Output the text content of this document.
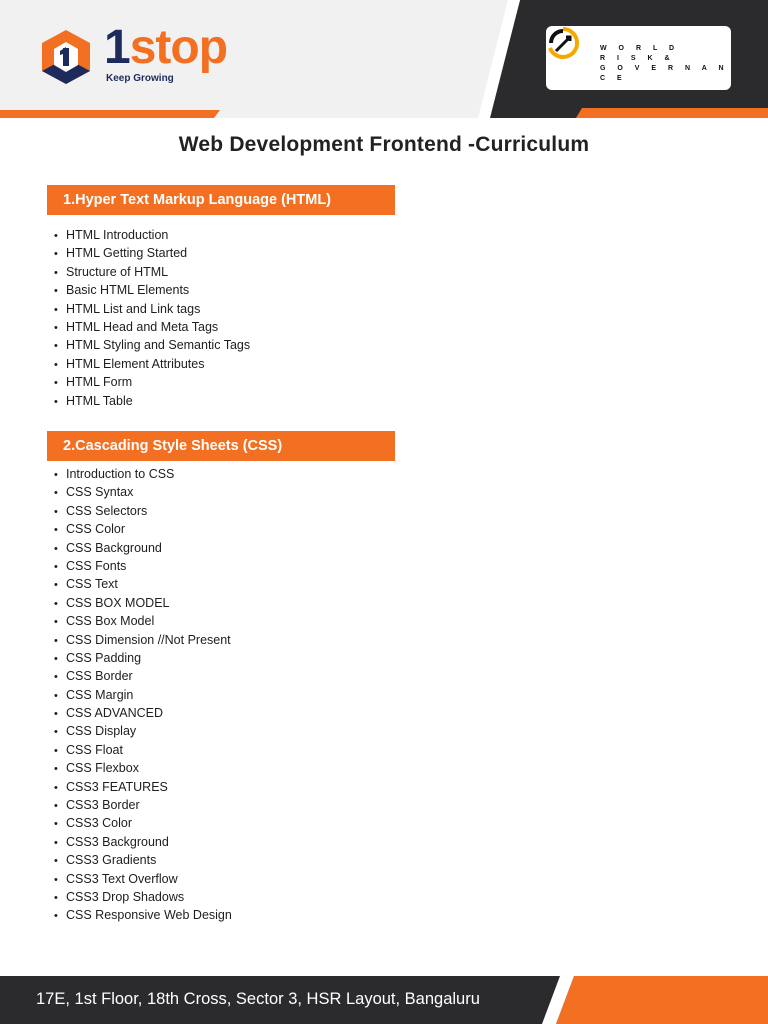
1stop
Keep Growing
W O R L D
R I S K &
G O V E R N A N C E
Web Development Frontend -Curriculum
1.Hyper Text Markup Language (HTML)
• HTML Introduction
• HTML Getting Started
• Structure of HTML
• Basic HTML Elements
• HTML List and Link tags
• HTML Head and Meta Tags
• HTML Styling and Semantic Tags
• HTML Element Attributes
• HTML Form
• HTML Table
2.Cascading Style Sheets (CSS)
• Introduction to CSS
• CSS Syntax
• CSS Selectors
• CSS Color
• CSS Background
• CSS Fonts
• CSS Text
• CSS BOX MODEL
• CSS Box Model
• CSS Dimension //Not Present
• CSS Padding
• CSS Border
• CSS Margin
• CSS ADVANCED
• CSS Display
• CSS Float
• CSS Flexbox
• CSS3 FEATURES
• CSS3 Border
• CSS3 Color
• CSS3 Background
• CSS3 Gradients
• CSS3 Text Overflow
• CSS3 Drop Shadows
• CSS Responsive Web Design
17E, 1st Floor, 18th Cross, Sector 3, HSR Layout, Bangaluru
